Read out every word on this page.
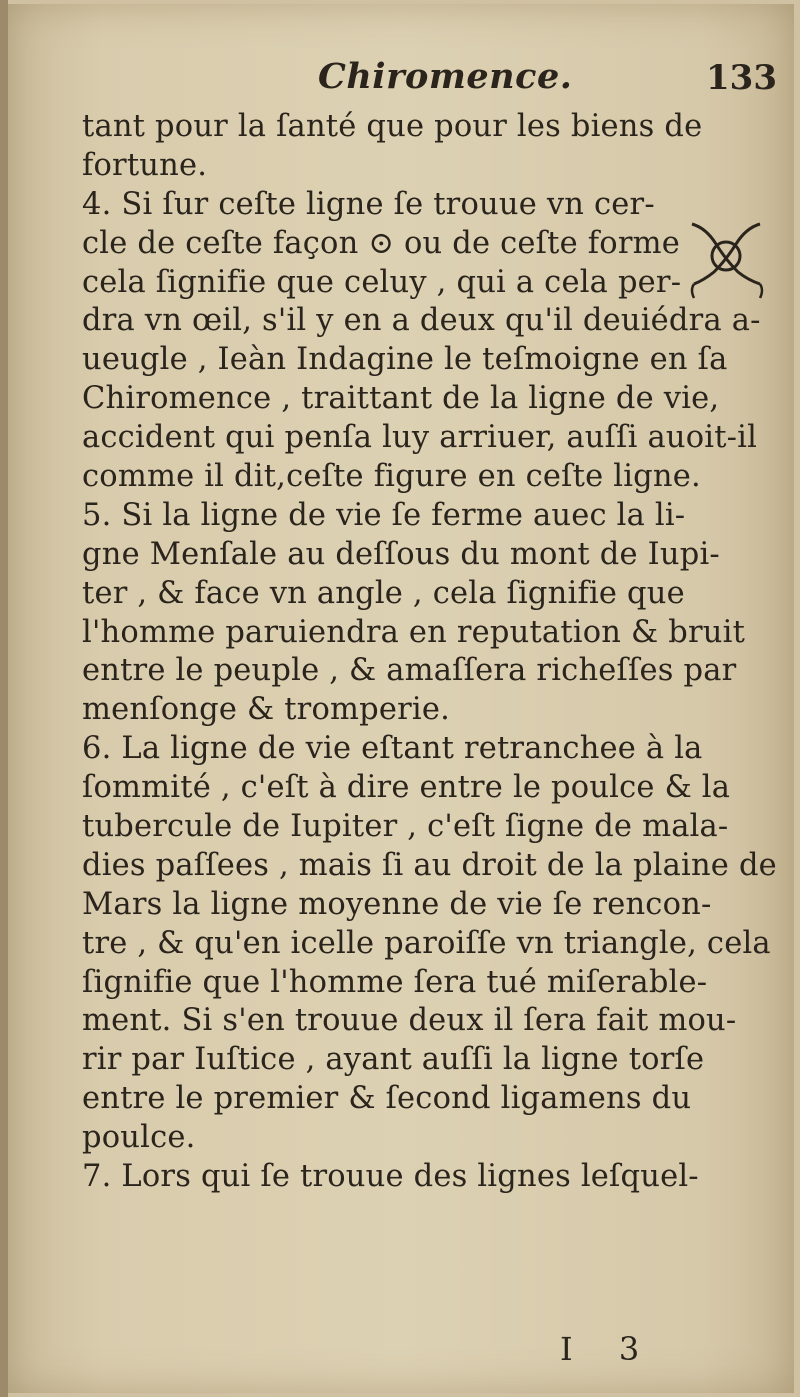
Chiromence.	133
tant pour la ſanté que pour les biens de
fortune.
4. Si ſur ceſte ligne ſe trouue vn cer-
cle de ceſte façon ⊙ ou de ceſte forme
cela ſignifie que celuy , qui a cela per-
dra vn œil, s'il y en a deux qu'il deuiédra a-
ueugle , Ieàn Indagine le teſmoigne en ſa
Chiromence , traittant de la ligne de vie,
accident qui penſa luy arriuer, auſſi auoit-il
comme il dit,ceſte figure en ceſte ligne.
5. Si la ligne de vie ſe ferme auec la li-
gne Menſale au deſſous du mont de Iupi-
ter , & face vn angle , cela ſignifie que
l'homme paruiendra en reputation & bruit
entre le peuple , & amaſſera richeſſes par
menſonge & tromperie.
6. La ligne de vie eſtant retranchee à la
ſommité , c'eſt à dire entre le poulce & la
tubercule de Iupiter , c'eſt ſigne de mala-
dies paſſees , mais ſi au droit de la plaine de
Mars la ligne moyenne de vie ſe rencon-
tre , & qu'en icelle paroiſſe vn triangle, cela
ſignifie que l'homme ſera tué miſerable-
ment. Si s'en trouue deux il ſera fait mou-
rir par Iuſtice , ayant auſſi la ligne torſe
entre le premier & ſecond ligamens du
poulce.
7. Lors qui ſe trouue des lignes leſquel-
I 3
